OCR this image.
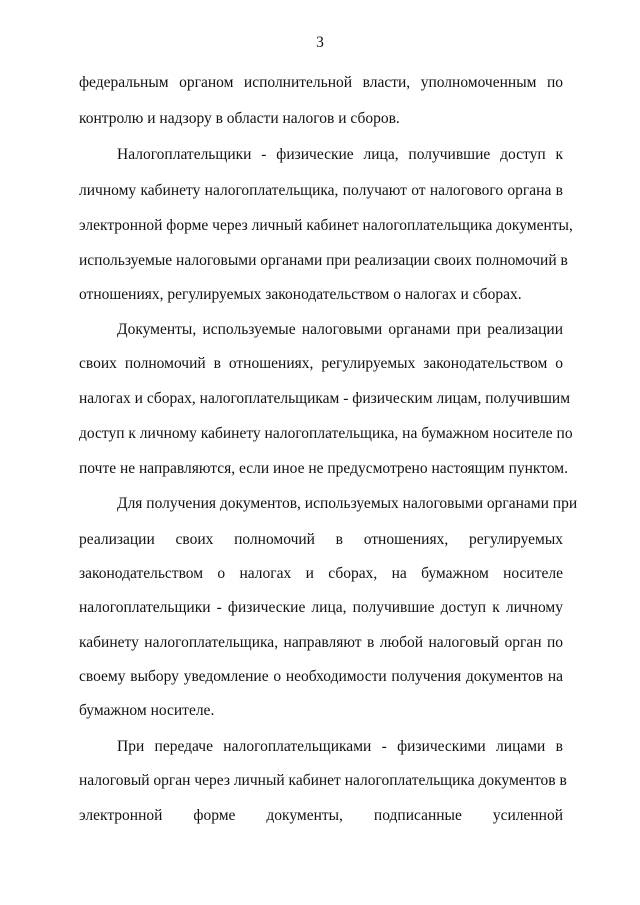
3
федеральным органом исполнительной власти, уполномоченным по
контролю и надзору в области налогов и сборов.
Налогоплательщики - физические лица, получившие доступ к
личному кабинету налогоплательщика, получают от налогового органа в
электронной форме через личный кабинет налогоплательщика документы,
используемые налоговыми органами при реализации своих полномочий в
отношениях, регулируемых законодательством о налогах и сборах.
Документы, используемые налоговыми органами при реализации
своих полномочий в отношениях, регулируемых законодательством о
налогах и сборах, налогоплательщикам - физическим лицам, получившим
доступ к личному кабинету налогоплательщика, на бумажном носителе по
почте не направляются, если иное не предусмотрено настоящим пунктом.
Для получения документов, используемых налоговыми органами при
реализации своих полномочий в отношениях, регулируемых
законодательством о налогах и сборах, на бумажном носителе
налогоплательщики - физические лица, получившие доступ к личному
кабинету налогоплательщика, направляют в любой налоговый орган по
своему выбору уведомление о необходимости получения документов на
бумажном носителе.
При передаче налогоплательщиками - физическими лицами в
налоговый орган через личный кабинет налогоплательщика документов в
электронной форме документы, подписанные усиленной
